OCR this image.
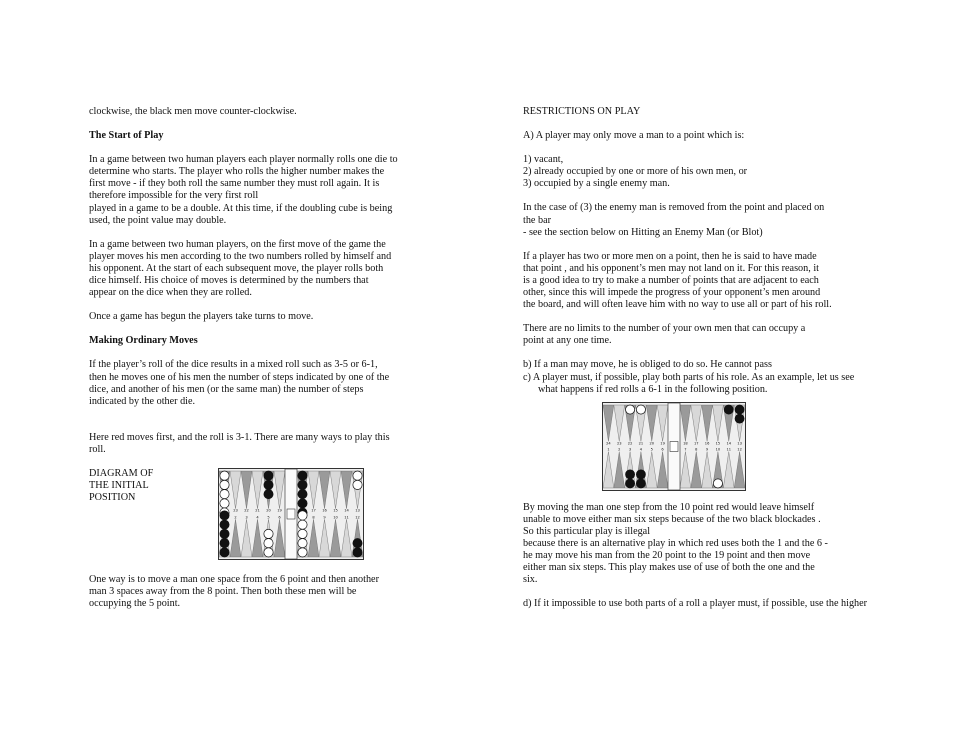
clockwise, the black men move counter-clockwise.
The Start of Play
In a game between two human players each player normally rolls one die to
determine who starts. The player who rolls the higher number makes the
first move - if they both roll the same number they must roll again. It is
therefore impossible for the very first roll
played in a game to be a double. At this time, if the doubling cube is being
used, the point value may double.
In a game between two human players, on the first move of the game the
player moves his men according to the two numbers rolled by himself and
his opponent. At the start of each subsequent move, the player rolls both
dice himself. His choice of moves is determined by the numbers that
appear on the dice when they are rolled.
Once a game has begun the players take turns to move.
Making Ordinary Moves
If the player’s roll of the dice results in a mixed roll such as 3-5 or 6-1,
then he moves one of his men the number of steps indicated by one of the
dice, and another of his men (or the same man) the number of steps
indicated by the other die.
Here red moves first, and the roll is 3-1. There are many ways to play this
roll.
DIAGRAM OF
THE INITIAL
POSITION
23
2
22
3
21
4
20
5
19
6
17
8
16
9
15
10
14
11
13
12
One way is to move a man one space from the 6 point and then another
man 3 spaces away from the 8 point. Then both these men will be
occupying the 5 point.
RESTRICTIONS ON PLAY
A) A player may only move a man to a point which is:
1) vacant,
2) already occupied by one or more of his own men, or
3) occupied by a single enemy man.
In the case of (3) the enemy man is removed from the point and placed on
the bar
- see the section below on Hitting an Enemy Man (or Blot)
If a player has two or more men on a point, then he is said to have made
that point , and his opponent’s men may not land on it. For this reason, it
is a good idea to try to make a number of points that are adjacent to each
other, since this will impede the progress of your opponent’s men around
the board, and will often leave him with no way to use all or part of his roll.
There are no limits to the number of your own men that can occupy a
point at any one time.
b) If a man may move, he is obliged to do so. He cannot pass
c) A player must, if possible, play both parts of his role. As an example, let us see what happens if red rolls a 6-1 in the following position.
24
1
23
2
22
3
21
4
20
5
19
6
18
7
17
8
16
9
15
10
14
11
13
12
By moving the man one step from the 10 point red would leave himself
unable to move either man six steps because of the two black blockades .
So this particular play is illegal
because there is an alternative play in which red uses both the 1 and the 6 -
he may move his man from the 20 point to the 19 point and then move
either man six steps. This play makes use of use of both the one and the
six.
d) If it impossible to use both parts of a roll a player must, if possible, use the higher
